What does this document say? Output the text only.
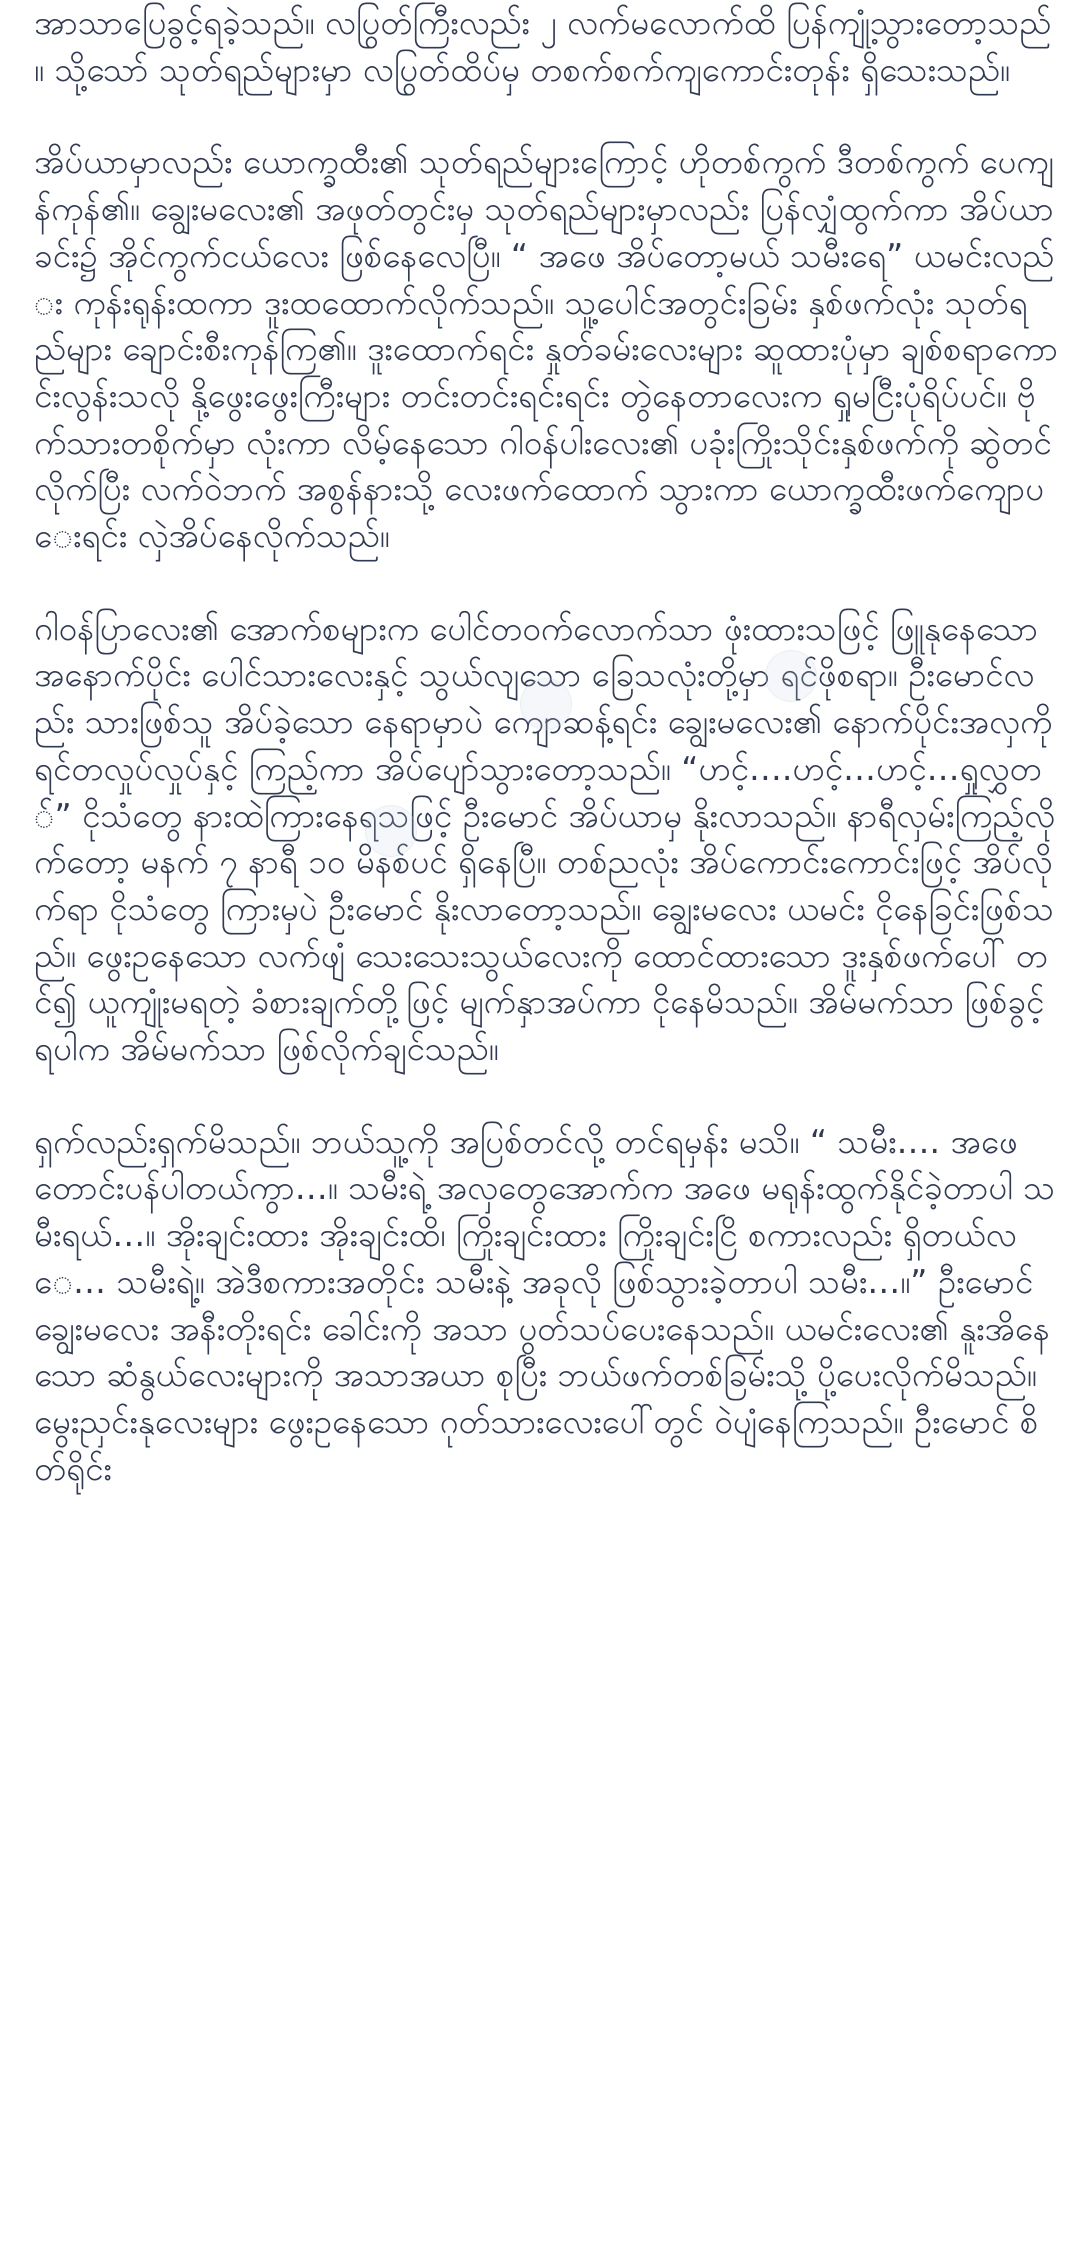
အာသာပြေခွင့်ရခဲ့သည်။ လပြွတ်ကြီးလည်း ၂ လက်မလောက်ထိ ပြန်ကျုံ့သွားတော့သည်။ သို့သော် သုတ်ရည်များမှာ လပြွတ်ထိပ်မှ တစက်စက်ကျကောင်းတုန်း ရှိသေးသည်။

အိပ်ယာမှာလည်း ယောက္ခထီး၏ သုတ်ရည်များကြောင့် ဟိုတစ်ကွက် ဒီတစ်ကွက် ပေကျန်ကုန်၏။ ချွေးမလေး၏ အဖုတ်တွင်းမှ သုတ်ရည်များမှာလည်း ပြန်လျှံထွက်ကာ အိပ်ယာခင်း၌ အိုင်ကွက်ငယ်လေး ဖြစ်နေလေပြီ။ “ အဖေ အိပ်တော့မယ် သမီးရေ” ယမင်းလည်း ကုန်းရုန်းထကာ ဒူးထထောက်လိုက်သည်။ သူ့ပေါင်အတွင်းခြမ်း နှစ်ဖက်လုံး သုတ်ရည်များ ချောင်းစီးကုန်ကြ၏။ ဒူးထောက်ရင်း နှုတ်ခမ်းလေးများ ဆူထားပုံမှာ ချစ်စရာကောင်းလွန်းသလို နို့ဖွေးဖွေးကြီးများ တင်းတင်းရင်းရင်း တွဲနေတာလေးက ရှုမငြီးပုံရိပ်ပင်။ ဗိုက်သားတစိုက်မှာ လုံးကာ လိမ့်နေသော ဂါဝန်ပါးလေး၏ ပခုံးကြိုးသိုင်းနှစ်ဖက်ကို ဆွဲတင်လိုက်ပြီး လက်ဝဲဘက် အစွန်နားသို့ လေးဖက်ထောက် သွားကာ ယောက္ခထီးဖက်ကျောပေးရင်း လှဲအိပ်နေလိုက်သည်။

ဂါဝန်ပြာလေး၏ အောက်စများက ပေါင်တဝက်လောက်သာ ဖုံးထားသဖြင့် ဖြူနုနေသော အနောက်ပိုင်း ပေါင်သားလေးနှင့် သွယ်လျသော ခြေသလုံးတို့မှာ ရင်ဖိုစရာ။ ဦးမောင်လည်း သားဖြစ်သူ အိပ်ခဲ့သော နေရာမှာပဲ ကျောဆန့်ရင်း ချွေးမလေး၏ နောက်ပိုင်းအလှကို ရင်တလှုပ်လှုပ်နှင့် ကြည့်ကာ အိပ်ပျော်သွားတော့သည်။ “ဟင့်….ဟင့်…ဟင့်…ရှုလွှတ်” ငိုသံတွေ နားထဲကြားနေရသဖြင့် ဦးမောင် အိပ်ယာမှ နိုးလာသည်။ နာရီလှမ်းကြည့်လိုက်တော့ မနက် ၇ နာရီ ၁၀ မိနစ်ပင် ရှိနေပြီ။ တစ်ညလုံး အိပ်ကောင်းကောင်းဖြင့် အိပ်လိုက်ရာ ငိုသံတွေ ကြားမှပဲ ဦးမောင် နိုးလာတော့သည်။ ချွေးမလေး ယမင်း ငိုနေခြင်းဖြစ်သည်။ ဖွေးဥနေသော လက်ဖျံ သေးသေးသွယ်လေးကို ထောင်ထားသော ဒူးနှစ်ဖက်ပေါ် တင်၍ ယူကျုံးမရတဲ့ ခံစားချက်တို့ဖြင့် မျက်နှာအပ်ကာ ငိုနေမိသည်။ အိမ်မက်သာ ဖြစ်ခွင့်ရပါက အိမ်မက်သာ ဖြစ်လိုက်ချင်သည်။

ရှက်လည်းရှက်မိသည်။ ဘယ်သူ့ကို အပြစ်တင်လို့ တင်ရမှန်း မသိ။ “ သမီး…. အဖေ တောင်းပန်ပါတယ်ကွာ…။ သမီးရဲ့ အလှတွေအောက်က အဖေ မရုန်းထွက်နိုင်ခဲ့တာပါ သမီးရယ်…။ အိုးချင်းထား အိုးချင်းထိ၊ ကြိုးချင်းထား ကြိုးချင်းငြိ စကားလည်း ရှိတယ်လေ… သမီးရဲ့။ အဲဒီစကားအတိုင်း သမီးနဲ့ အခုလို ဖြစ်သွားခဲ့တာပါ သမီး…။” ဦးမောင် ချွေးမလေး အနီးတိုးရင်း ခေါင်းကို အသာ ပွတ်သပ်ပေးနေသည်။ ယမင်းလေး၏ နူးအိနေသော ဆံနွယ်လေးများကို အသာအယာ စုပြီး ဘယ်ဖက်တစ်ခြမ်းသို့ ပို့ပေးလိုက်မိသည်။ မွေးညှင်းနုလေးများ ဖွေးဥနေသော ဂုတ်သားလေးပေါ်တွင် ဝဲပျံနေကြသည်။ ဦးမောင် စိတ်ရိုင်း
